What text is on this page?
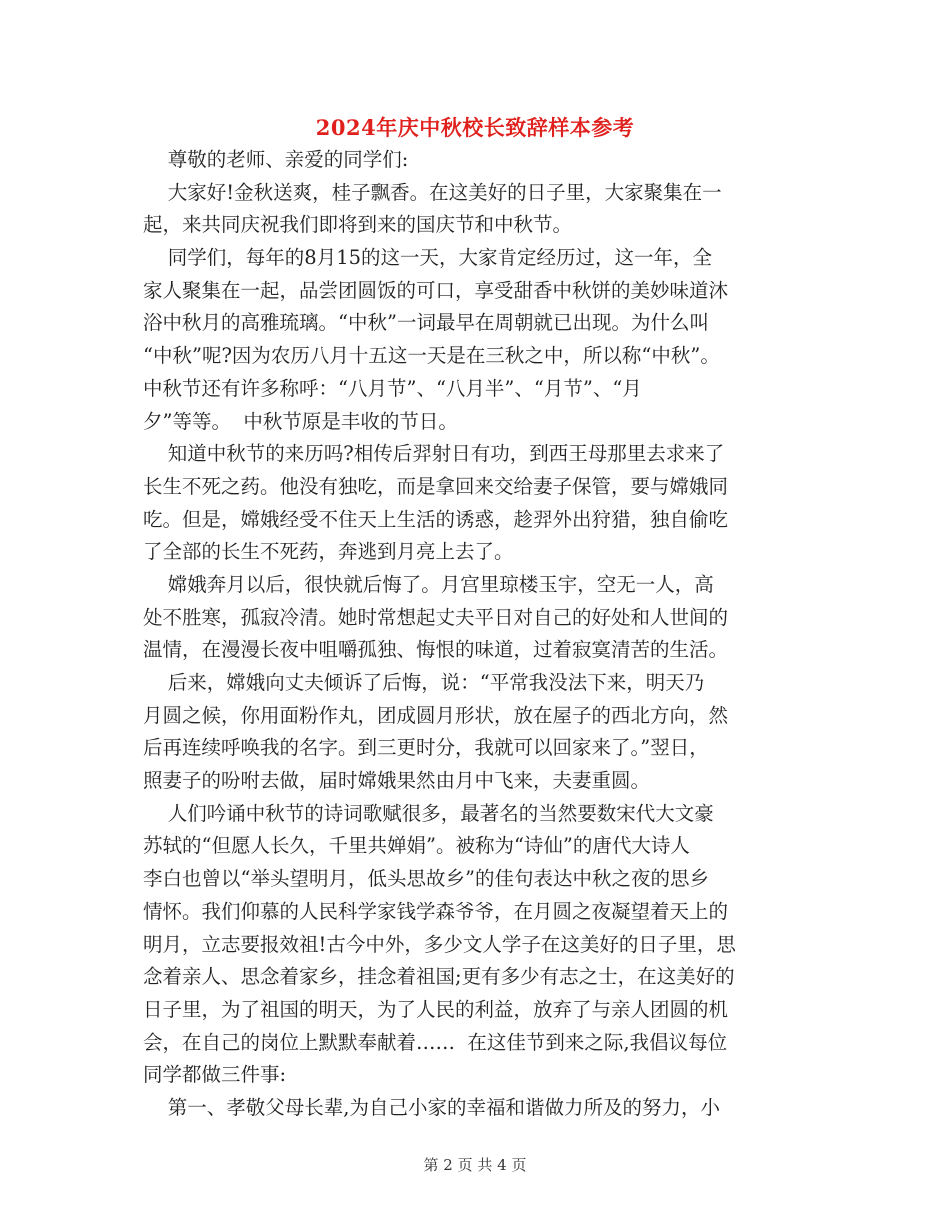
2024年庆中秋校长致辞样本参考
尊敬的老师、亲爱的同学们:
大家好!金秋送爽，桂子飘香。在这美好的日子里，大家聚集在一
起，来共同庆祝我们即将到来的国庆节和中秋节。
同学们，每年的8月15的这一天，大家肯定经历过，这一年，全
家人聚集在一起，品尝团圆饭的可口，享受甜香中秋饼的美妙味道沐
浴中秋月的高雅琉璃。“中秋”一词最早在周朝就已出现。为什么叫
“中秋”呢?因为农历八月十五这一天是在三秋之中，所以称“中秋”。
中秋节还有许多称呼：“八月节”、“八月半”、“月节”、“月
夕”等等。  中秋节原是丰收的节日。
知道中秋节的来历吗?相传后羿射日有功，到西王母那里去求来了
长生不死之药。他没有独吃，而是拿回来交给妻子保管，要与嫦娥同
吃。但是，嫦娥经受不住天上生活的诱惑，趁羿外出狩猎，独自偷吃
了全部的长生不死药，奔逃到月亮上去了。
嫦娥奔月以后，很快就后悔了。月宫里琼楼玉宇，空无一人，高
处不胜寒，孤寂冷清。她时常想起丈夫平日对自己的好处和人世间的
温情，在漫漫长夜中咀嚼孤独、悔恨的味道，过着寂寞清苦的生活。
后来，嫦娥向丈夫倾诉了后悔，说：“平常我没法下来，明天乃
月圆之候，你用面粉作丸，团成圆月形状，放在屋子的西北方向，然
后再连续呼唤我的名字。到三更时分，我就可以回家来了。”翌日，
照妻子的吩咐去做，届时嫦娥果然由月中飞来，夫妻重圆。
人们吟诵中秋节的诗词歌赋很多，最著名的当然要数宋代大文豪
苏轼的“但愿人长久，千里共婵娟”。被称为“诗仙”的唐代大诗人
李白也曾以“举头望明月，低头思故乡”的佳句表达中秋之夜的思乡
情怀。我们仰慕的人民科学家钱学森爷爷，在月圆之夜凝望着天上的
明月，立志要报效祖!古今中外，多少文人学子在这美好的日子里，思
念着亲人、思念着家乡，挂念着祖国;更有多少有志之士，在这美好的
日子里，为了祖国的明天，为了人民的利益，放弃了与亲人团圆的机
会，在自己的岗位上默默奉献着……  在这佳节到来之际,我倡议每位
同学都做三件事:
第一、孝敬父母长辈,为自己小家的幸福和谐做力所及的努力，小
第 2 页 共 4 页
